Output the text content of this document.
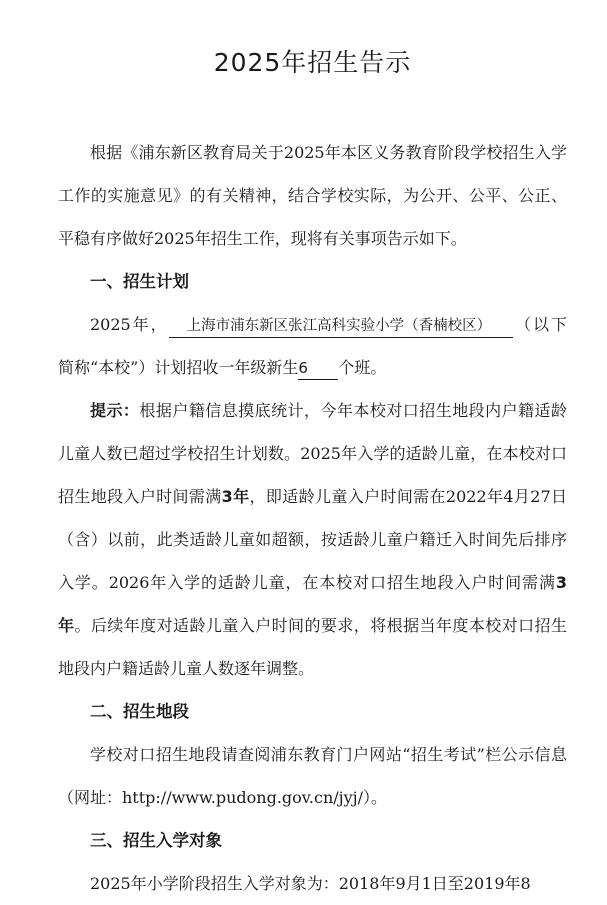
2025年招生告示

根据《浦东新区教育局关于2025年本区义务教育阶段学校招生入学工作的实施意见》的有关精神，结合学校实际，为公开、公平、公正、平稳有序做好2025年招生工作，现将有关事项告示如下。

一、招生计划

2025年， 上海市浦东新区张江高科实验小学（香楠校区） （以下简称“本校”）计划招收一年级新生6 个班。

提示：根据户籍信息摸底统计，今年本校对口招生地段内户籍适龄儿童人数已超过学校招生计划数。2025年入学的适龄儿童，在本校对口招生地段入户时间需满3年，即适龄儿童入户时间需在2022年4月27日（含）以前，此类适龄儿童如超额，按适龄儿童户籍迁入时间先后排序入学。2026年入学的适龄儿童，在本校对口招生地段入户时间需满3年。后续年度对适龄儿童入户时间的要求，将根据当年度本校对口招生地段内户籍适龄儿童人数逐年调整。

二、招生地段

学校对口招生地段请查阅浦东教育门户网站“招生考试”栏公示信息（网址：http://www.pudong.gov.cn/jyj/）。

三、招生入学对象

2025年小学阶段招生入学对象为：2018年9月1日至2019年8
